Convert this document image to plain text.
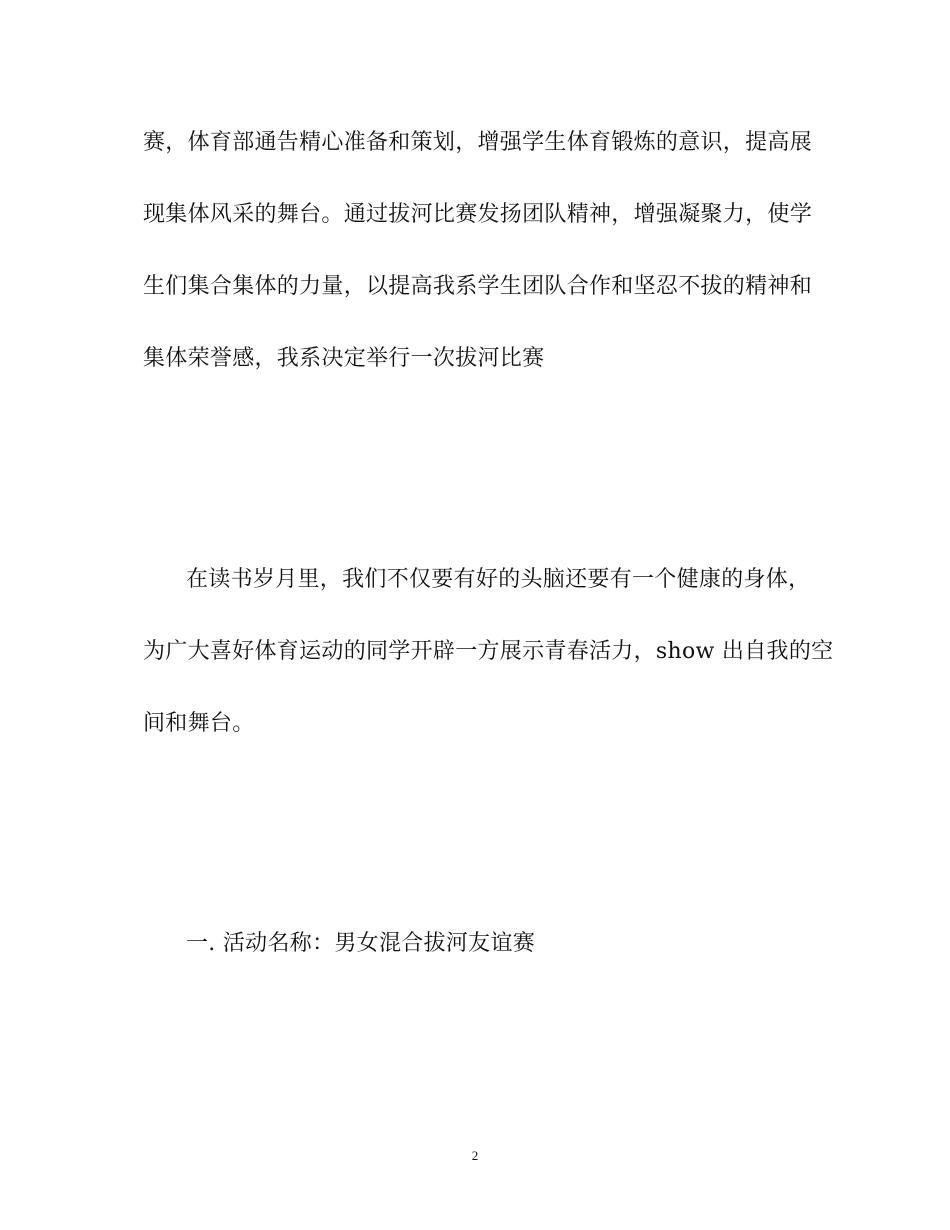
赛，体育部通告精心准备和策划，增强学生体育锻炼的意识，提高展
现集体风采的舞台。通过拔河比赛发扬团队精神，增强凝聚力，使学
生们集合集体的力量，以提高我系学生团队合作和坚忍不拔的精神和
集体荣誉感，我系决定举行一次拔河比赛
在读书岁月里，我们不仅要有好的头脑还要有一个健康的身体，
为广大喜好体育运动的同学开辟一方展示青春活力，show 出自我的空
间和舞台。
一. 活动名称：男女混合拔河友谊赛
2
